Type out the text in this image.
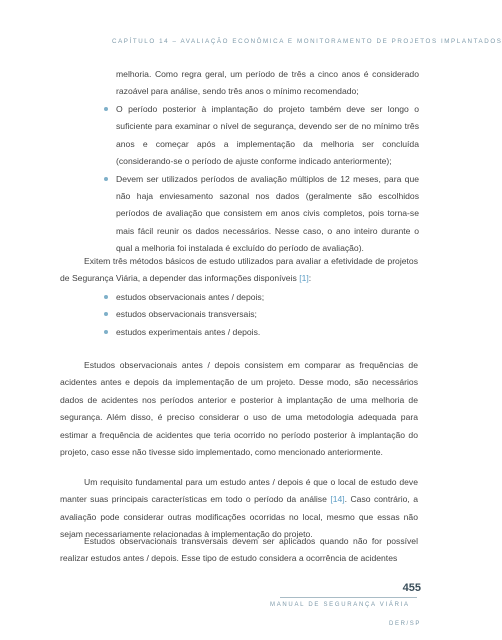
CAPÍTULO 14 – AVALIAÇÃO ECONÔMICA E MONITORAMENTO DE PROJETOS IMPLANTADOS

melhoria. Como regra geral, um período de três a cinco anos é considerado razoável para análise, sendo três anos o mínimo recomendado;

O período posterior à implantação do projeto também deve ser longo o suficiente para examinar o nível de segurança, devendo ser de no mínimo três anos e começar após a implementação da melhoria ser concluída (considerando-se o período de ajuste conforme indicado anteriormente);
Devem ser utilizados períodos de avaliação múltiplos de 12 meses, para que não haja enviesamento sazonal nos dados (geralmente são escolhidos períodos de avaliação que consistem em anos civis completos, pois torna-se mais fácil reunir os dados necessários. Nesse caso, o ano inteiro durante o qual a melhoria foi instalada é excluído do período de avaliação).

Exitem três métodos básicos de estudo utilizados para avaliar a efetividade de projetos de Segurança Viária, a depender das informações disponíveis [1]:

estudos observacionais antes / depois;
estudos observacionais transversais;
estudos experimentais antes / depois.

Estudos observacionais antes / depois consistem em comparar as frequências de acidentes antes e depois da implementação de um projeto. Desse modo, são necessários dados de acidentes nos períodos anterior e posterior à implantação de uma melhoria de segurança. Além disso, é preciso considerar o uso de uma metodologia adequada para estimar a frequência de acidentes que teria ocorrido no período posterior à implantação do projeto, caso esse não tivesse sido implementado, como mencionado anteriormente.

Um requisito fundamental para um estudo antes / depois é que o local de estudo deve manter suas principais características em todo o período da análise [14]. Caso contrário, a avaliação pode considerar outras modificações ocorridas no local, mesmo que essas não sejam necessariamente relacionadas à implementação do projeto.

Estudos observacionais transversais devem ser aplicados quando não for possível realizar estudos antes / depois. Esse tipo de estudo considera a ocorrência de acidentes

455
MANUAL DE SEGURANÇA VIÁRIA
DER/SP
